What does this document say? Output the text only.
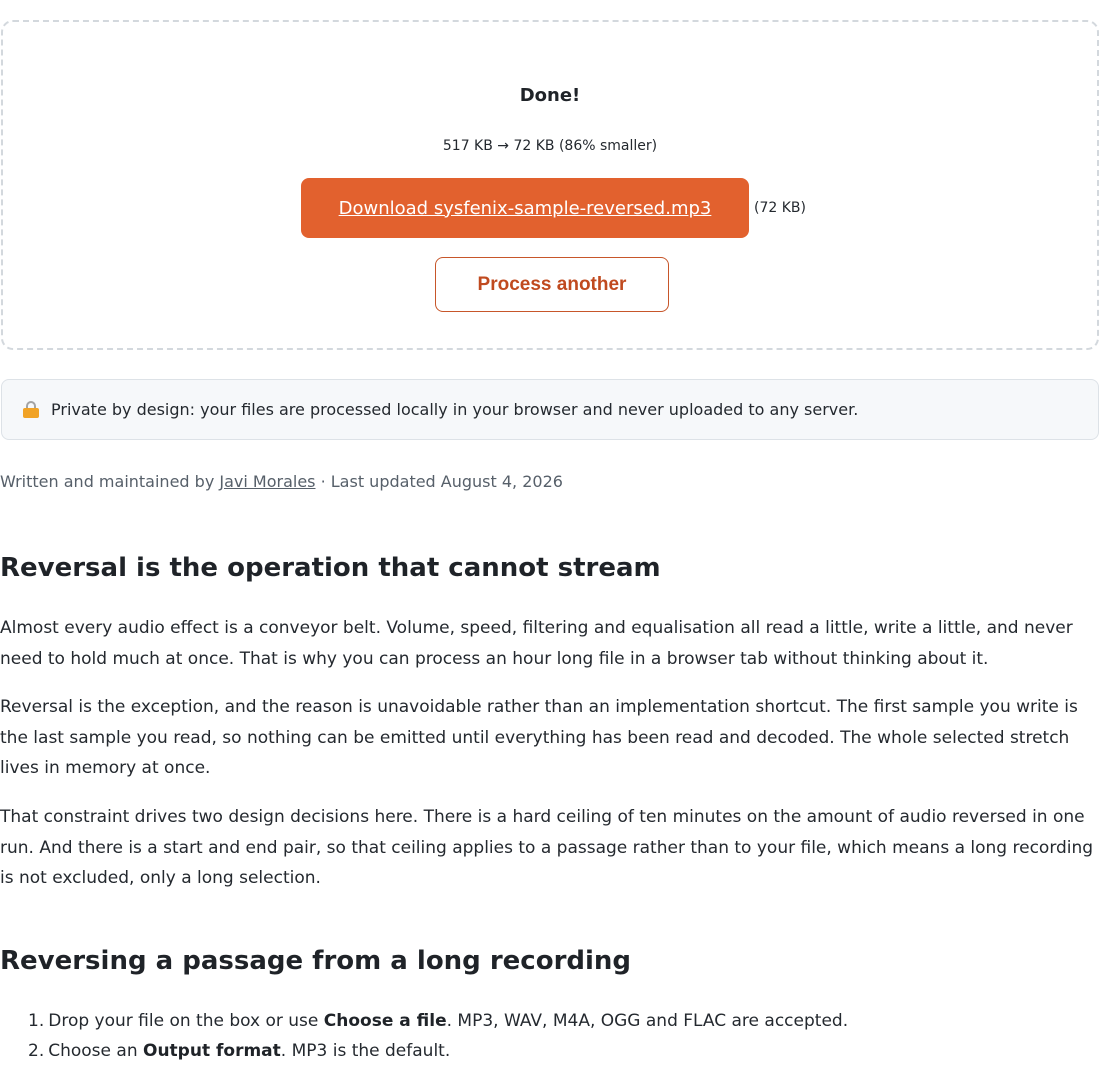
Done!
517 KB → 72 KB (86% smaller)
Download sysfenix-sample-reversed.mp3	(72 KB)
Process another
Private by design: your files are processed locally in your browser and never uploaded to any server.
Written and maintained by Javi Morales · Last updated August 4, 2026
Reversal is the operation that cannot stream

Almost every audio effect is a conveyor belt. Volume, speed, filtering and equalisation all read a little, write a little, and never need to hold much at once. That is why you can process an hour long file in a browser tab without thinking about it.

Reversal is the exception, and the reason is unavoidable rather than an implementation shortcut. The first sample you write is the last sample you read, so nothing can be emitted until everything has been read and decoded. The whole selected stretch lives in memory at once.

That constraint drives two design decisions here. There is a hard ceiling of ten minutes on the amount of audio reversed in one run. And there is a start and end pair, so that ceiling applies to a passage rather than to your file, which means a long recording is not excluded, only a long selection.

Reversing a passage from a long recording
1. Drop your file on the box or use Choose a file. MP3, WAV, M4A, OGG and FLAC are accepted.
2. Choose an Output format. MP3 is the default.
